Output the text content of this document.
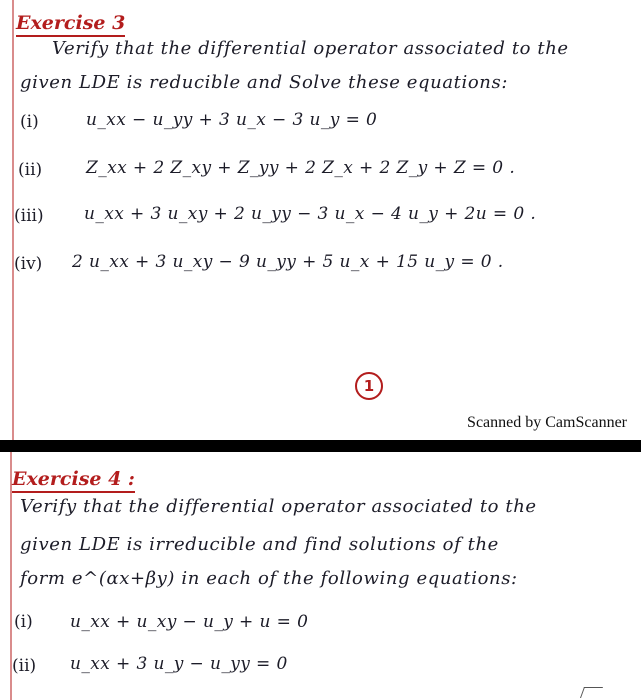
Exercise 3
Verify that the differential operator associated to the
given LDE is reducible and Solve these equations:
(i)	u_xx − u_yy + 3 u_x − 3 u_y = 0
(ii)	Z_xx + 2 Z_xy + Z_yy + 2 Z_x + 2 Z_y + Z = 0 .
(iii) u_xx + 3 u_xy + 2 u_yy − 3 u_x − 4 u_y + 2u = 0 .
(iv) 2 u_xx + 3 u_xy − 9 u_yy + 5 u_x + 15 u_y = 0 .
1
Scanned by CamScanner
Exercise 4 :
Verify that the differential operator associated to the
given LDE is irreducible and find solutions of the
form e^(αx+βy) in each of the following equations:
(i) u_xx + u_xy − u_y + u = 0
(ii) u_xx + 3 u_y − u_yy = 0
